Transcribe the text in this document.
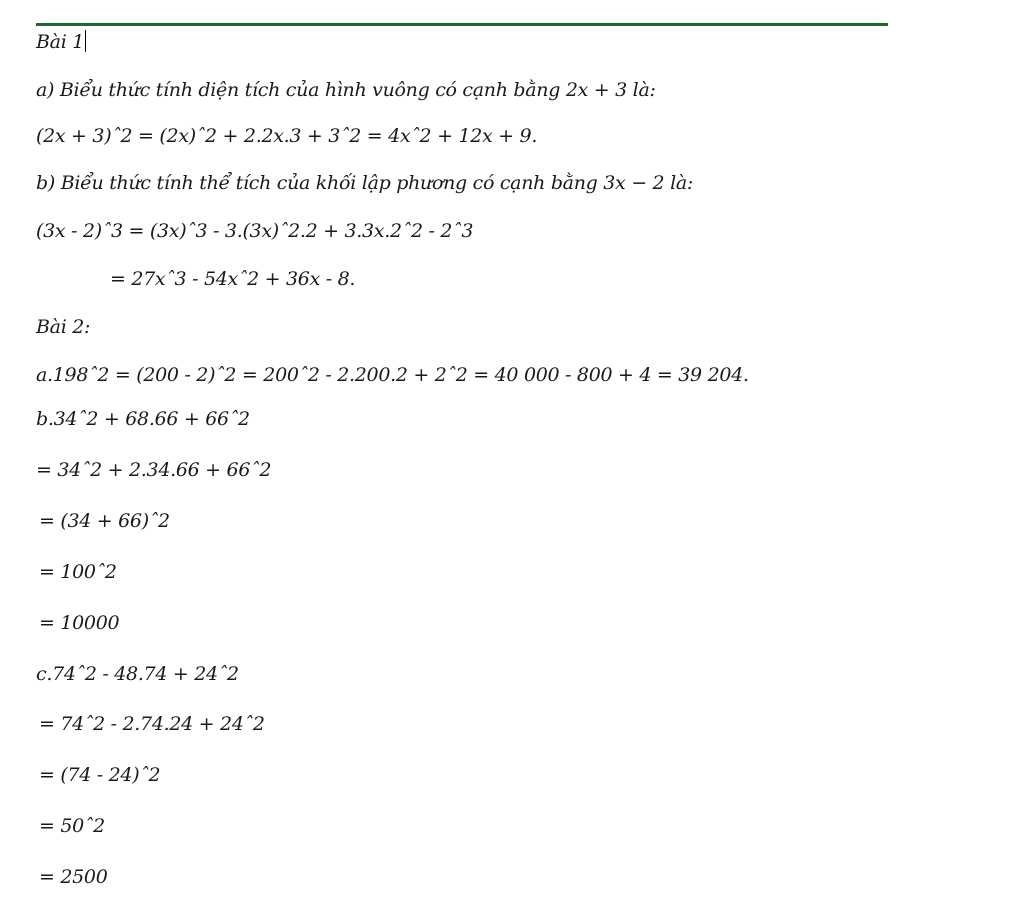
Bài 1
a) Biểu thức tính diện tích của hình vuông có cạnh bằng 2x + 3 là:
(2x + 3)ˆ2 = (2x)ˆ2 + 2.2x.3 + 3ˆ2 = 4xˆ2 + 12x + 9.
b) Biểu thức tính thể tích của khối lập phương có cạnh bằng 3x − 2 là:
(3x - 2)ˆ3 = (3x)ˆ3 - 3.(3x)ˆ2.2 + 3.3x.2ˆ2 - 2ˆ3
= 27xˆ3 - 54xˆ2 + 36x - 8.
Bài 2:
a.198ˆ2 = (200 - 2)ˆ2 = 200ˆ2 - 2.200.2 + 2ˆ2 = 40 000 - 800 + 4 = 39 204.
b.34ˆ2 + 68.66 + 66ˆ2
= 34ˆ2 + 2.34.66 + 66ˆ2
= (34 + 66)ˆ2
= 100ˆ2
= 10000
c.74ˆ2 - 48.74 + 24ˆ2
= 74ˆ2 - 2.74.24 + 24ˆ2
= (74 - 24)ˆ2
= 50ˆ2
= 2500
